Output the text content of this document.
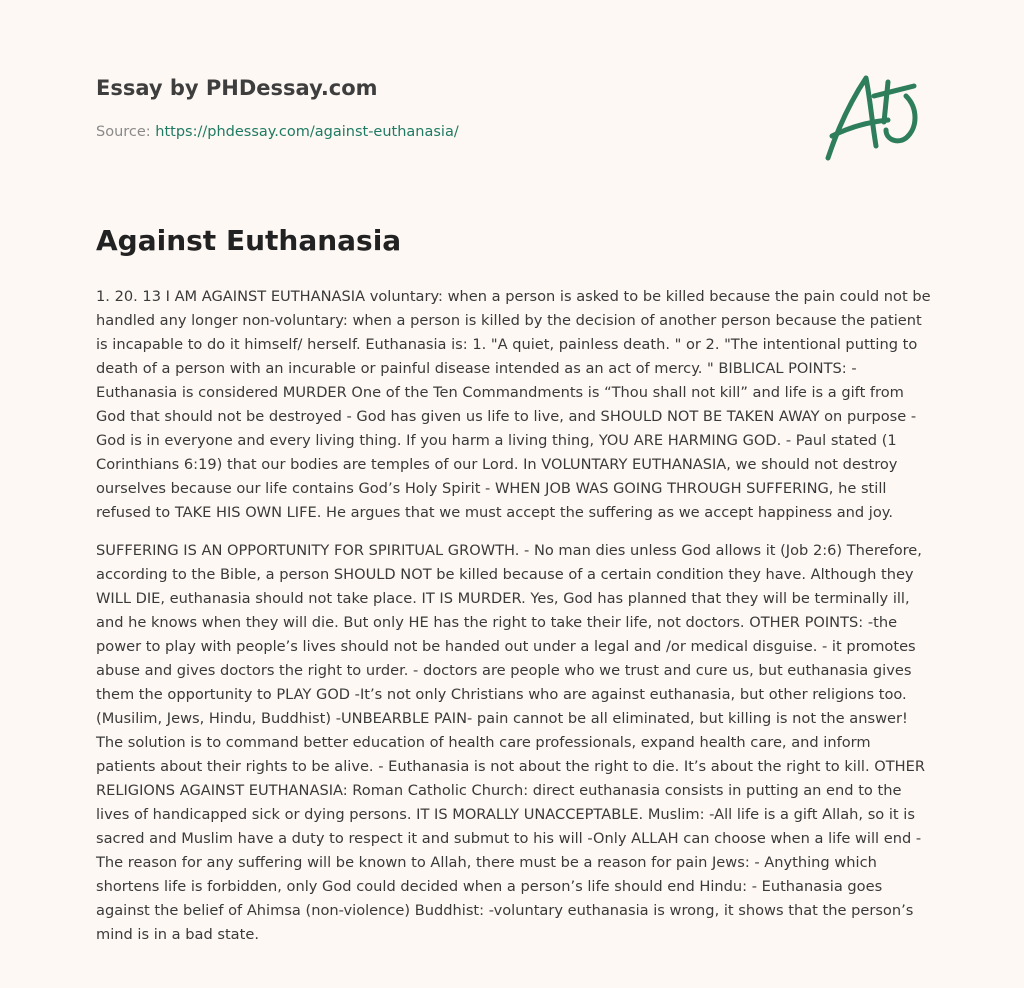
Essay by PHDessay.com
Source: https://phdessay.com/against-euthanasia/
Against Euthanasia

1. 20. 13 I AM AGAINST EUTHANASIA voluntary: when a person is asked to be killed because the pain could not be handled any longer non-voluntary: when a person is killed by the decision of another person because the patient is incapable to do it himself/ herself. Euthanasia is: 1. "A quiet, painless death. " or 2. "The intentional putting to death of a person with an incurable or painful disease intended as an act of mercy. " BIBLICAL POINTS: -Euthanasia is considered MURDER One of the Ten Commandments is “Thou shall not kill” and life is a gift from God that should not be destroyed - God has given us life to live, and SHOULD NOT BE TAKEN AWAY on purpose - God is in everyone and every living thing. If you harm a living thing, YOU ARE HARMING GOD. - Paul stated (1 Corinthians 6:19) that our bodies are temples of our Lord. In VOLUNTARY EUTHANASIA, we should not destroy ourselves because our life contains God’s Holy Spirit - WHEN JOB WAS GOING THROUGH SUFFERING, he still refused to TAKE HIS OWN LIFE. He argues that we must accept the suffering as we accept happiness and joy.

SUFFERING IS AN OPPORTUNITY FOR SPIRITUAL GROWTH. - No man dies unless God allows it (Job 2:6) Therefore, according to the Bible, a person SHOULD NOT be killed because of a certain condition they have. Although they WILL DIE, euthanasia should not take place. IT IS MURDER. Yes, God has planned that they will be terminally ill, and he knows when they will die. But only HE has the right to take their life, not doctors. OTHER POINTS: -the power to play with people’s lives should not be handed out under a legal and /or medical disguise. - it promotes abuse and gives doctors the right to urder. - doctors are people who we trust and cure us, but euthanasia gives them the opportunity to PLAY GOD -It’s not only Christians who are against euthanasia, but other religions too. (Musilim, Jews, Hindu, Buddhist) -UNBEARBLE PAIN- pain cannot be all eliminated, but killing is not the answer! The solution is to command better education of health care professionals, expand health care, and inform patients about their rights to be alive. - Euthanasia is not about the right to die. It’s about the right to kill. OTHER RELIGIONS AGAINST EUTHANASIA: Roman Catholic Church: direct euthanasia consists in putting an end to the lives of handicapped sick or dying persons. IT IS MORALLY UNACCEPTABLE. Muslim: -All life is a gift Allah, so it is sacred and Muslim have a duty to respect it and submut to his will -Only ALLAH can choose when a life will end -The reason for any suffering will be known to Allah, there must be a reason for pain Jews: - Anything which shortens life is forbidden, only God could decided when a person’s life should end Hindu: - Euthanasia goes against the belief of Ahimsa (non-violence) Buddhist: -voluntary euthanasia is wrong, it shows that the person’s mind is in a bad state.
